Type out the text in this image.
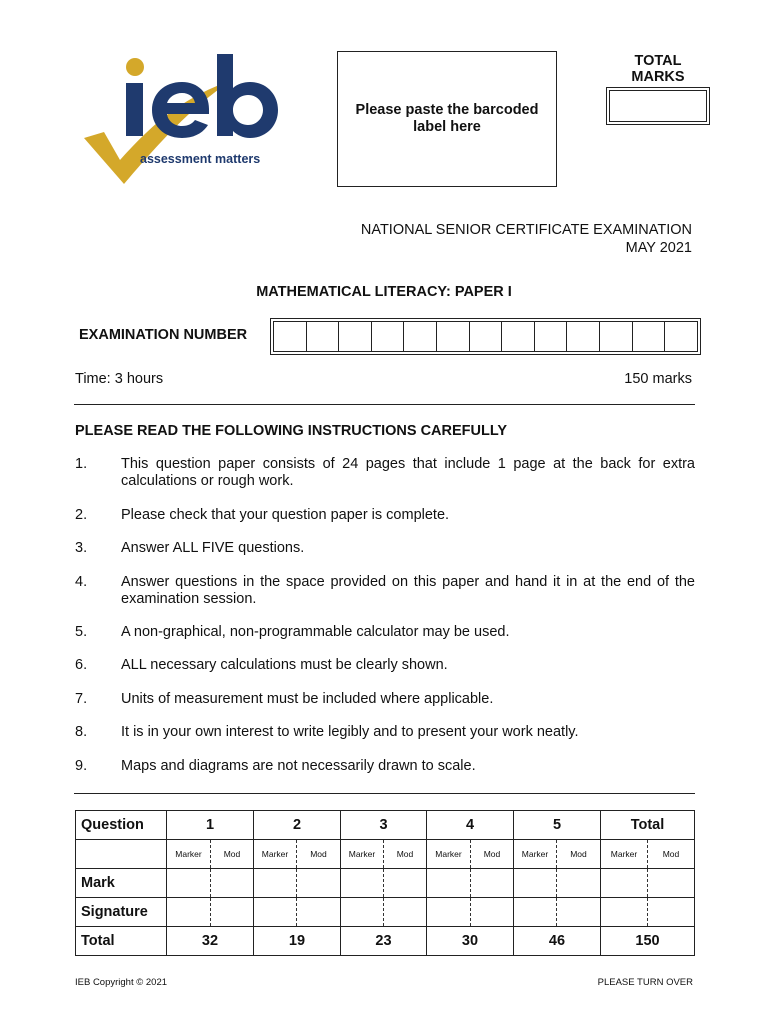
assessment matters
Please paste the barcoded label here
TOTAL
MARKS
NATIONAL SENIOR CERTIFICATE EXAMINATION
MAY 2021
MATHEMATICAL LITERACY: PAPER I
EXAMINATION NUMBER
Time: 3 hours	150 marks
PLEASE READ THE FOLLOWING INSTRUCTIONS CAREFULLY
1. This question paper consists of 24 pages that include 1 page at the back for extra calculations or rough work.
2. Please check that your question paper is complete.
3. Answer ALL FIVE questions.
4. Answer questions in the space provided on this paper and hand it in at the end of the examination session.
5. A non-graphical, non-programmable calculator may be used.
6. ALL necessary calculations must be clearly shown.
7. Units of measurement must be included where applicable.
8. It is in your own interest to write legibly and to present your work neatly.
9. Maps and diagrams are not necessarily drawn to scale.
Question	1		2		3		4		5		Total	
	Marker	Mod	Marker	Mod	Marker	Mod	Marker	Mod	Marker	Mod	Marker	Mod
Mark												
Signature												
Total	32		19		23		30		46		150	
IEB Copyright © 2021	PLEASE TURN OVER
